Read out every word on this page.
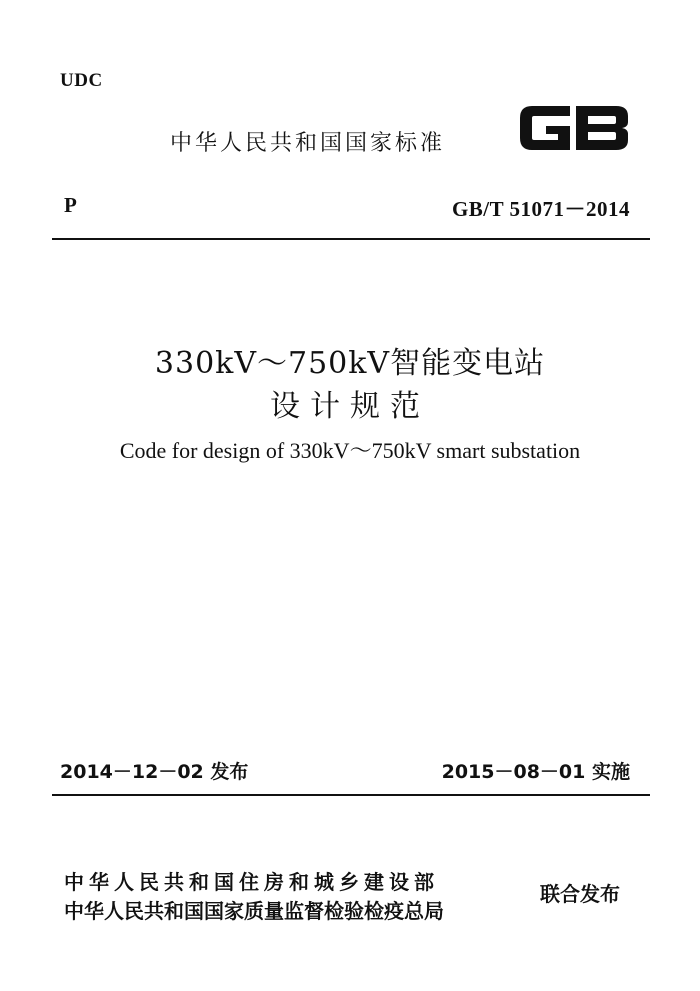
UDC
中华人民共和国国家标准
P	GB/T 51071－2014
330kV～750kV智能变电站
设计规范
Code for design of 330kV～750kV smart substation
2014－12－02 发布	2015－08－01 实施
中华人民共和国住房和城乡建设部
中华人民共和国国家质量监督检验检疫总局
联合发布
